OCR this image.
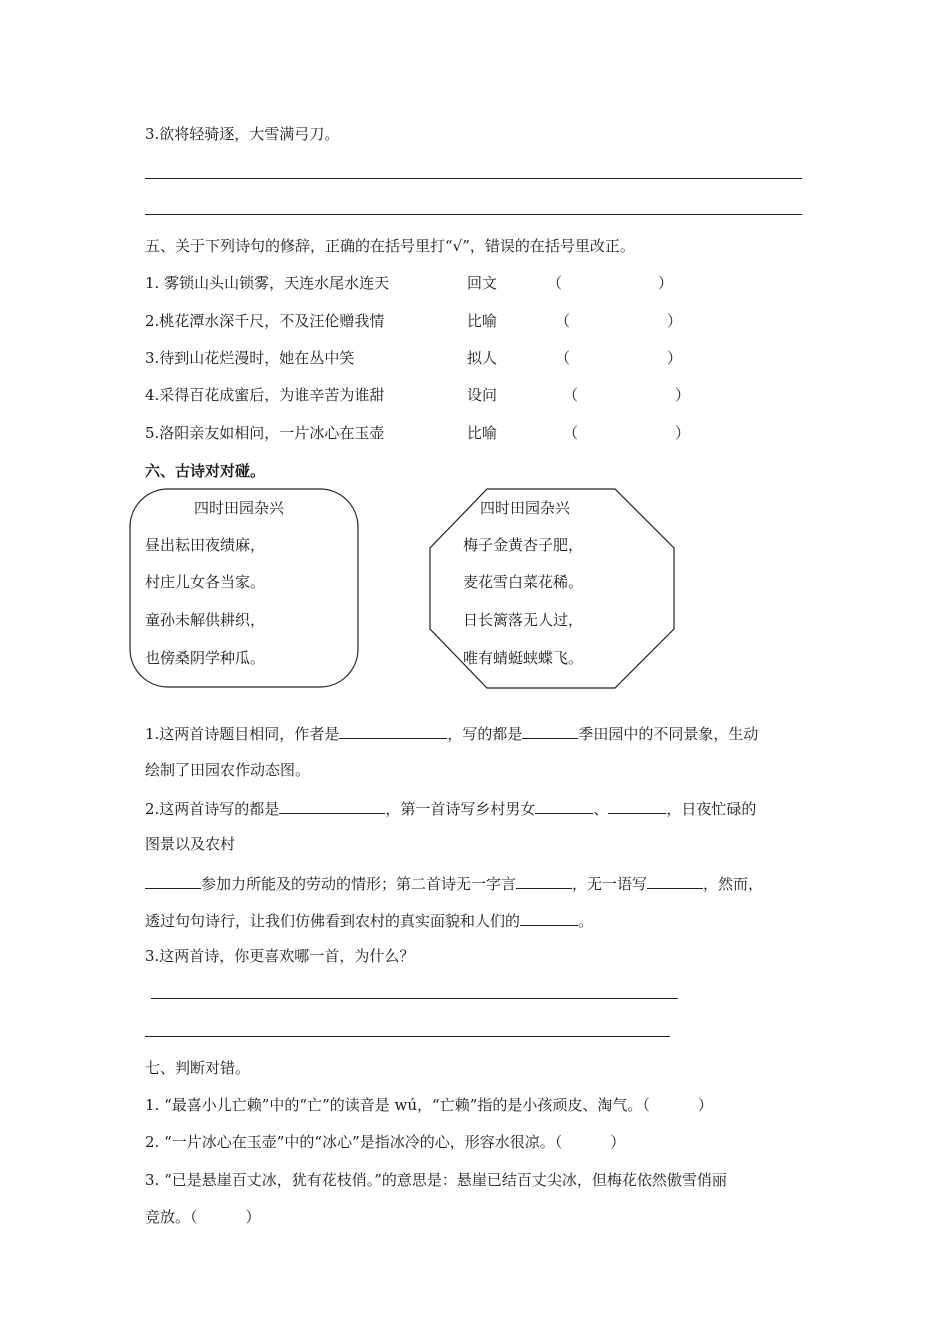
3.欲将轻骑逐，大雪满弓刀。
五、关于下列诗句的修辞，正确的在括号里打“√”，错误的在括号里改正。
1. 雾锁山头山锁雾，天连水尾水连天	回文	（	）
2.桃花潭水深千尺，不及汪伦赠我情	比喻	（	）
3.待到山花烂漫时，她在丛中笑	拟人	（	）
4.采得百花成蜜后，为谁辛苦为谁甜	设问	（	）
5.洛阳亲友如相问，一片冰心在玉壶	比喻	（	）
六、古诗对对碰。
四时田园杂兴
昼出耘田夜绩麻，
村庄儿女各当家。
童孙未解供耕织，
也傍桑阴学种瓜。
四时田园杂兴
梅子金黄杏子肥，
麦花雪白菜花稀。
日长篱落无人过，
唯有蜻蜓蛱蝶飞。
1.这两首诗题目相同，作者是	，写的都是	季田园中的不同景象，生动
绘制了田园农作动态图。
2.这两首诗写的都是	，第一首诗写乡村男女	、	，日夜忙碌的
图景以及农村
参加力所能及的劳动的情形；第二首诗无一字言	，无一语写	，然而，
透过句句诗行，让我们仿佛看到农村的真实面貌和人们的	。
3.这两首诗，你更喜欢哪一首，为什么？
七、判断对错。
1. “最喜小儿亡赖”中的“亡”的读音是 wú，“亡赖”指的是小孩顽皮、淘气。（	）
2. “一片冰心在玉壶”中的“冰心”是指冰冷的心，形容水很凉。（	）
3. “已是悬崖百丈冰，犹有花枝俏。”的意思是：悬崖已结百丈尖冰，但梅花依然傲雪俏丽
竞放。（	）
